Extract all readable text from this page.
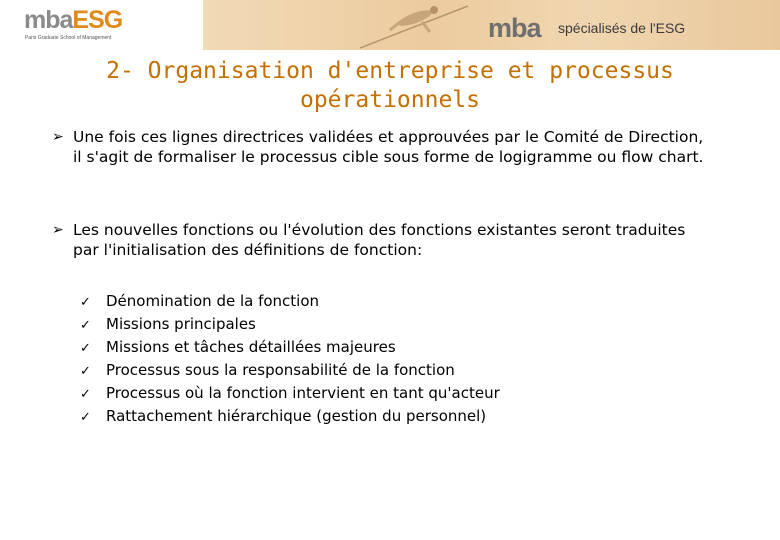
mbaESG
Paris Graduate School of Management	mba spécialisés de l'ESG
2- Organisation d'entreprise et processus
opérationnels
➢ Une fois ces lignes directrices validées et approuvées par le Comité de Direction, il s'agit de formaliser le processus cible sous forme de logigramme ou flow chart.
➢ Les nouvelles fonctions ou l'évolution des fonctions existantes seront traduites par l'initialisation des définitions de fonction:
✓ Dénomination de la fonction
✓ Missions principales
✓ Missions et tâches détaillées majeures
✓ Processus sous la responsabilité de la fonction
✓ Processus où la fonction intervient en tant qu'acteur
✓ Rattachement hiérarchique (gestion du personnel)
